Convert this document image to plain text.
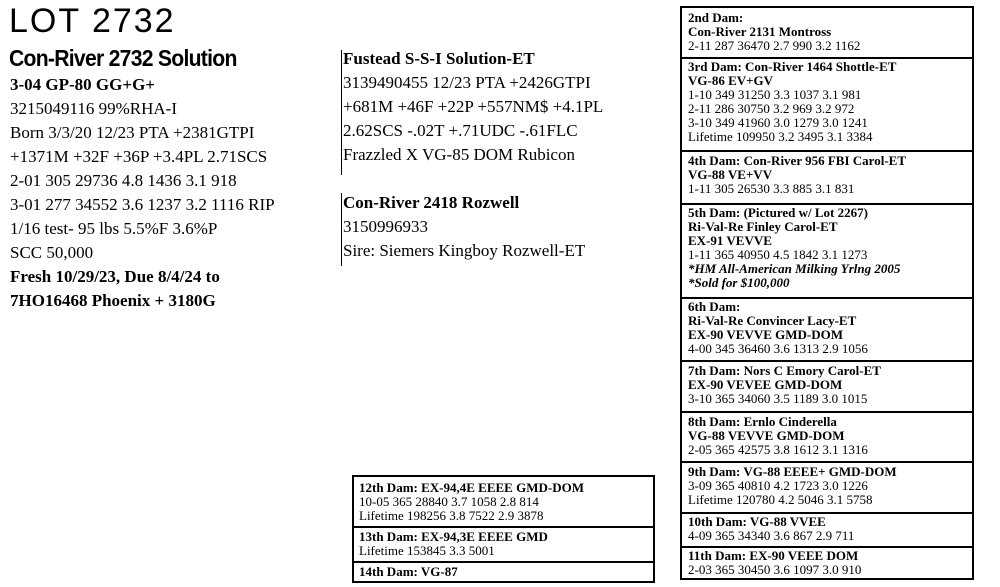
LOT 2732
Con-River 2732 Solution
3-04 GP-80 GG+G+
3215049116 99%RHA-I
Born 3/3/20 12/23 PTA +2381GTPI
+1371M +32F +36P +3.4PL 2.71SCS
2-01 305 29736 4.8 1436 3.1 918
3-01 277 34552 3.6 1237 3.2 1116 RIP
1/16 test- 95 lbs 5.5%F 3.6%P
SCC 50,000
Fresh 10/29/23, Due 8/4/24 to
7HO16468 Phoenix + 3180G
Fustead S-S-I Solution-ET
3139490455 12/23 PTA +2426GTPI
+681M +46F +22P +557NM$ +4.1PL
2.62SCS -.02T +.71UDC -.61FLC
Frazzled X VG-85 DOM Rubicon
Con-River 2418 Rozwell
3150996933
Sire: Siemers Kingboy Rozwell-ET
2nd Dam:
Con-River 2131 Montross
2-11 287 36470 2.7 990 3.2 1162
3rd Dam: Con-River 1464 Shottle-ET
VG-86 EV+GV
1-10 349 31250 3.3 1037 3.1 981
2-11 286 30750 3.2 969 3.2 972
3-10 349 41960 3.0 1279 3.0 1241
Lifetime 109950 3.2 3495 3.1 3384
4th Dam: Con-River 956 FBI Carol-ET
VG-88 VE+VV
1-11 305 26530 3.3 885 3.1 831
5th Dam: (Pictured w/ Lot 2267)
Ri-Val-Re Finley Carol-ET
EX-91 VEVVE
1-11 365 40950 4.5 1842 3.1 1273
*HM All-American Milking Yrlng 2005
*Sold for $100,000
6th Dam:
Ri-Val-Re Convincer Lacy-ET
EX-90 VEVVE GMD-DOM
4-00 345 36460 3.6 1313 2.9 1056
7th Dam: Nors C Emory Carol-ET
EX-90 VEVEE GMD-DOM
3-10 365 34060 3.5 1189 3.0 1015
8th Dam: Ernlo Cinderella
VG-88 VEVVE GMD-DOM
2-05 365 42575 3.8 1612 3.1 1316
9th Dam: VG-88 EEEE+ GMD-DOM
3-09 365 40810 4.2 1723 3.0 1226
Lifetime 120780 4.2 5046 3.1 5758
10th Dam: VG-88 VVEE
4-09 365 34340 3.6 867 2.9 711
11th Dam: EX-90 VEEE DOM
2-03 365 30450 3.6 1097 3.0 910
12th Dam: EX-94,4E EEEE GMD-DOM
10-05 365 28840 3.7 1058 2.8 814
Lifetime 198256 3.8 7522 2.9 3878
13th Dam: EX-94,3E EEEE GMD
Lifetime 153845 3.3 5001
14th Dam: VG-87
